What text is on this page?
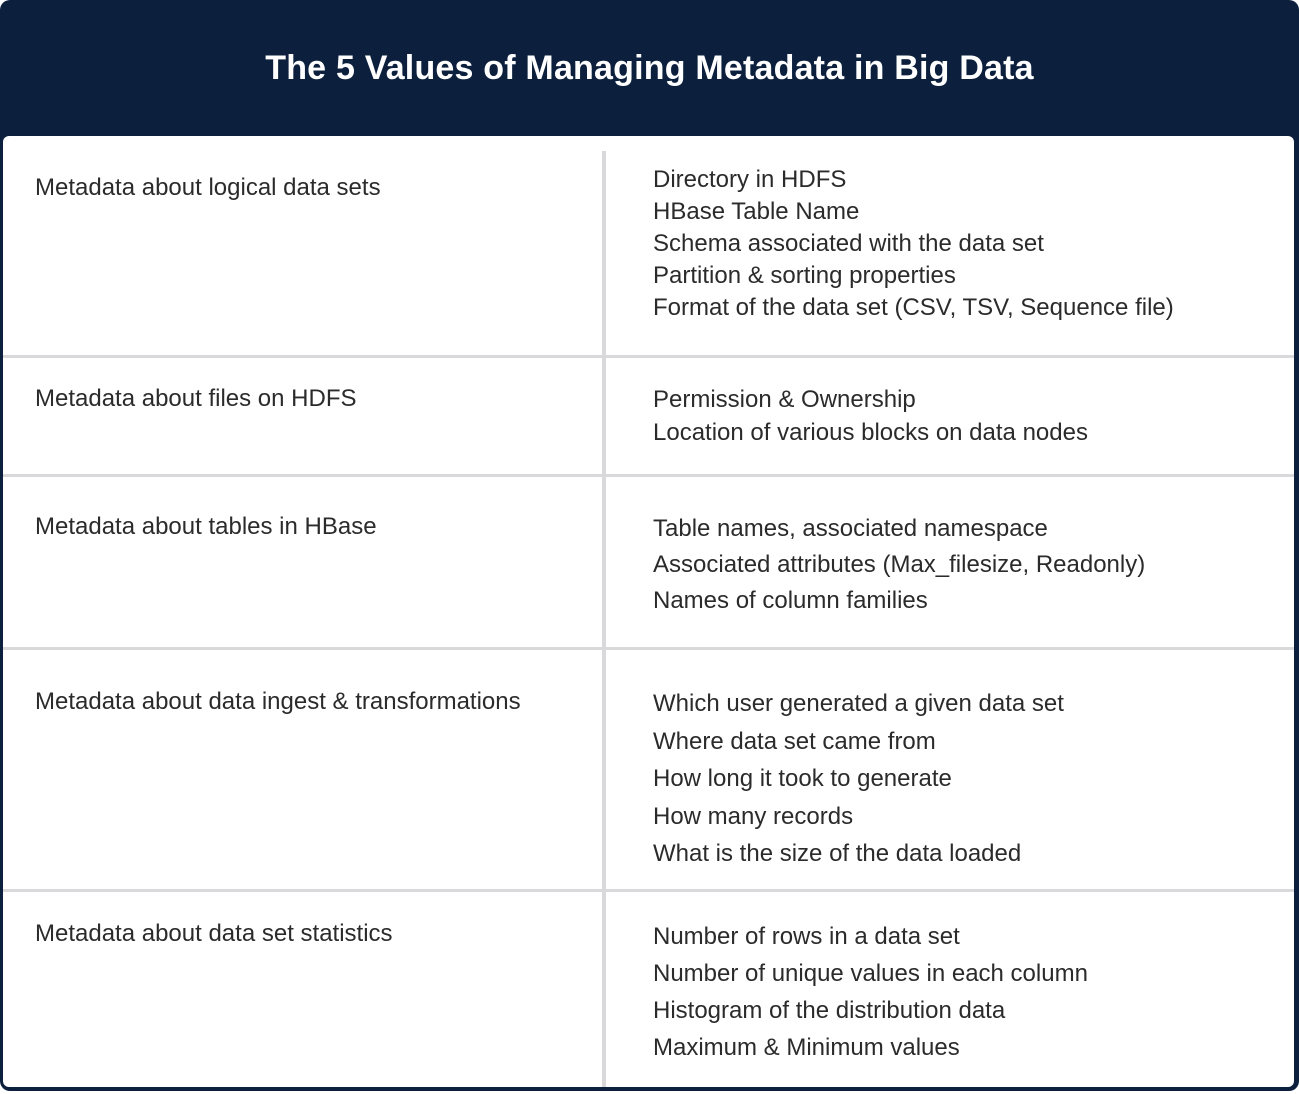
The 5 Values of Managing Metadata in Big Data
Metadata about logical data sets	Directory in HDFS
HBase Table Name
Schema associated with the data set
Partition & sorting properties
Format of the data set (CSV, TSV, Sequence file)
Metadata about files on HDFS	Permission & Ownership
Location of various blocks on data nodes
Metadata about tables in HBase	Table names, associated namespace
Associated attributes (Max_filesize, Readonly)
Names of column families
Metadata about data ingest & transformations	Which user generated a given data set
Where data set came from
How long it took to generate
How many records
What is the size of the data loaded
Metadata about data set statistics	Number of rows in a data set
Number of unique values in each column
Histogram of the distribution data
Maximum & Minimum values
